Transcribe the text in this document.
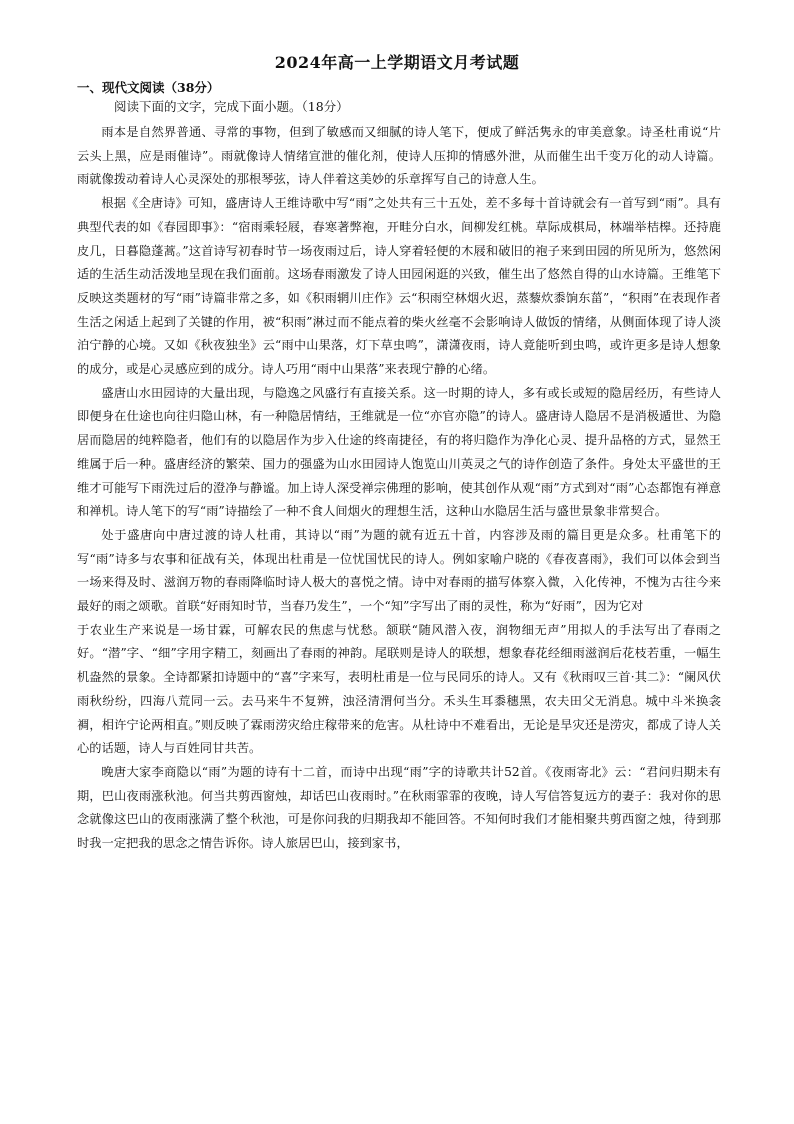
2024年高一上学期语文月考试题
一、现代文阅读（38分）
阅读下面的文字，完成下面小题。（18分）

雨本是自然界普通、寻常的事物，但到了敏感而又细腻的诗人笔下，便成了鲜活隽永的审美意象。诗圣杜甫说“片云头上黑，应是雨催诗”。雨就像诗人情绪宣泄的催化剂，使诗人压抑的情感外泄，从而催生出千变万化的动人诗篇。雨就像拨动着诗人心灵深处的那根琴弦，诗人伴着这美妙的乐章挥写自己的诗意人生。

根据《全唐诗》可知，盛唐诗人王维诗歌中写“雨”之处共有三十五处，差不多每十首诗就会有一首写到“雨”。具有典型代表的如《春园即事》：“宿雨乘轻屐，春寒著弊袍，开畦分白水，间柳发红桃。草际成棋局，林端举桔槔。还持鹿皮几，日暮隐蓬蒿。”这首诗写初春时节一场夜雨过后，诗人穿着轻便的木屐和破旧的袍子来到田园的所见所为，悠然闲适的生活生动活泼地呈现在我们面前。这场春雨激发了诗人田园闲逛的兴致，催生出了悠然自得的山水诗篇。王维笔下反映这类题材的写“雨”诗篇非常之多，如《积雨辋川庄作》云“积雨空林烟火迟，蒸藜炊黍饷东菑”，“积雨”在表现作者生活之闲适上起到了关键的作用，被“积雨”淋过而不能点着的柴火丝毫不会影响诗人做饭的情绪，从侧面体现了诗人淡泊宁静的心境。又如《秋夜独坐》云“雨中山果落，灯下草虫鸣”，潇潇夜雨，诗人竟能听到虫鸣，或许更多是诗人想象的成分，或是心灵感应到的成分。诗人巧用“雨中山果落”来表现宁静的心绪。

盛唐山水田园诗的大量出现，与隐逸之风盛行有直接关系。这一时期的诗人，多有或长或短的隐居经历，有些诗人即便身在仕途也向往归隐山林，有一种隐居情结，王维就是一位“亦官亦隐”的诗人。盛唐诗人隐居不是消极遁世、为隐居而隐居的纯粹隐者，他们有的以隐居作为步入仕途的终南捷径，有的将归隐作为净化心灵、提升品格的方式，显然王维属于后一种。盛唐经济的繁荣、国力的强盛为山水田园诗人饱览山川英灵之气的诗作创造了条件。身处太平盛世的王维才可能写下雨洗过后的澄净与静谧。加上诗人深受禅宗佛理的影响，使其创作从观“雨”方式到对“雨”心态都饱有禅意和禅机。诗人笔下的写“雨”诗描绘了一种不食人间烟火的理想生活，这种山水隐居生活与盛世景象非常契合。

处于盛唐向中唐过渡的诗人杜甫，其诗以“雨”为题的就有近五十首，内容涉及雨的篇目更是众多。杜甫笔下的写“雨”诗多与农事和征战有关，体现出杜甫是一位忧国忧民的诗人。例如家喻户晓的《春夜喜雨》，我们可以体会到当一场来得及时、滋润万物的春雨降临时诗人极大的喜悦之情。诗中对春雨的描写体察入微，入化传神，不愧为古往今来最好的雨之颂歌。首联“好雨知时节，当春乃发生”，一个“知”字写出了雨的灵性，称为“好雨”，因为它对

于农业生产来说是一场甘霖，可解农民的焦虑与忧愁。颔联“随风潜入夜，润物细无声”用拟人的手法写出了春雨之好。“潜”字、“细”字用字精工，刻画出了春雨的神韵。尾联则是诗人的联想，想象春花经细雨滋润后花枝若重，一幅生机盎然的景象。全诗都紧扣诗题中的“喜”字来写，表明杜甫是一位与民同乐的诗人。又有《秋雨叹三首·其二》：“阑风伏雨秋纷纷，四海八荒同一云。去马来牛不复辨，浊泾清渭何当分。禾头生耳黍穗黑，农夫田父无消息。城中斗米换衾裯，相许宁论两相直。”则反映了霖雨涝灾给庄稼带来的危害。从杜诗中不难看出，无论是旱灾还是涝灾，都成了诗人关心的话题，诗人与百姓同甘共苦。

晚唐大家李商隐以“雨”为题的诗有十二首，而诗中出现“雨”字的诗歌共计52首。《夜雨寄北》云：“君问归期未有期，巴山夜雨涨秋池。何当共剪西窗烛，却话巴山夜雨时。”在秋雨霏霏的夜晚，诗人写信答复远方的妻子：我对你的思念就像这巴山的夜雨涨满了整个秋池，可是你问我的归期我却不能回答。不知何时我们才能相聚共剪西窗之烛，待到那时我一定把我的思念之情告诉你。诗人旅居巴山，接到家书，
